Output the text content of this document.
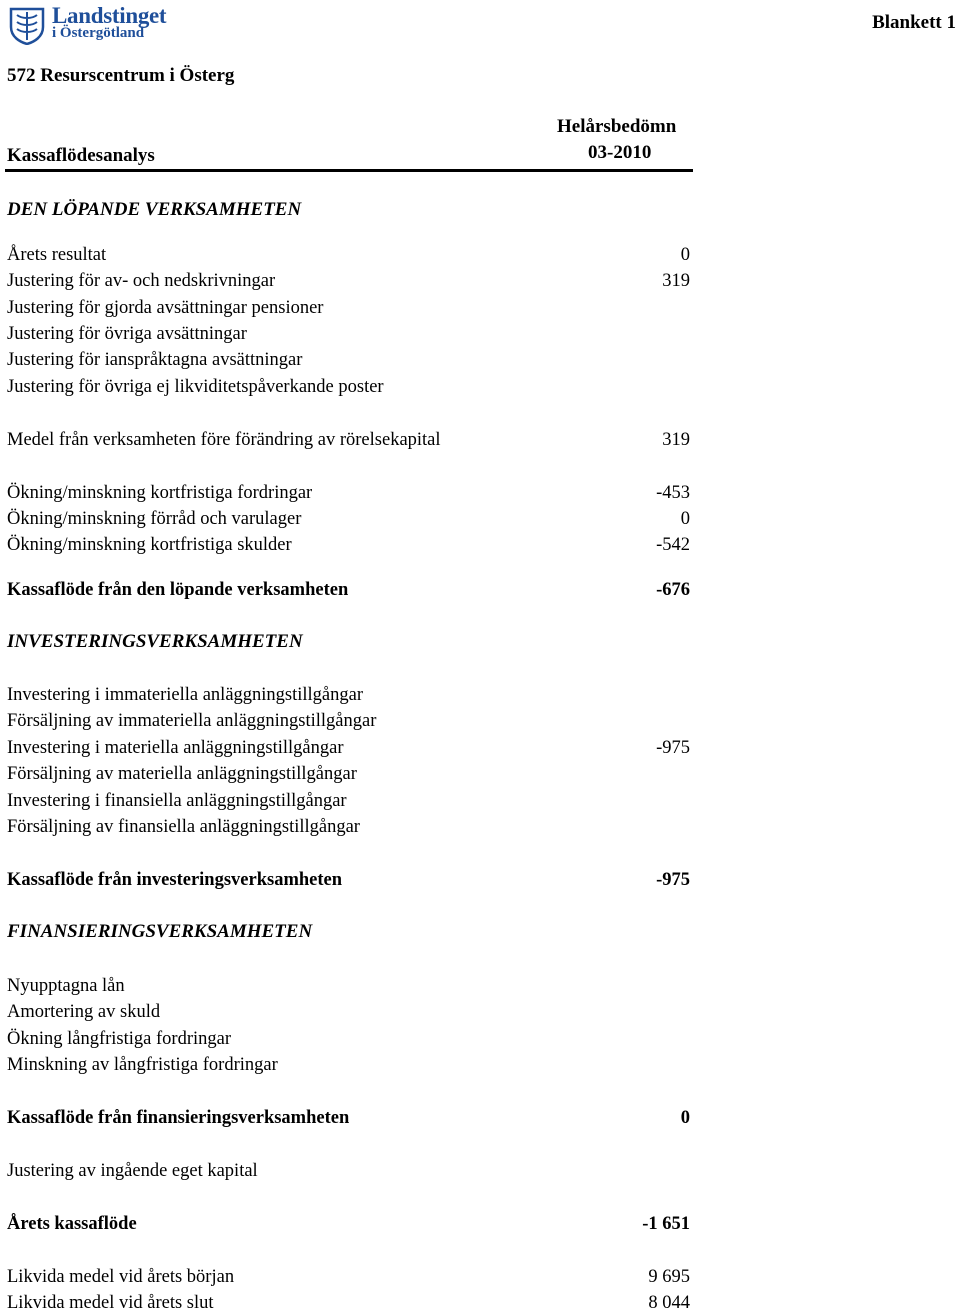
Landstinget
i Östergötland	Blankett 1
572 Resurscentrum i Österg
Helårsbedömn
03-2010
Kassaflödesanalys
DEN LÖPANDE VERKSAMHETEN
Årets resultat	0
Justering för av- och nedskrivningar	319
Justering för gjorda avsättningar pensioner
Justering för övriga avsättningar
Justering för ianspråktagna avsättningar
Justering för övriga ej likviditetspåverkande poster
Medel från verksamheten före förändring av rörelsekapital	319
Ökning/minskning kortfristiga fordringar	-453
Ökning/minskning förråd och varulager	0
Ökning/minskning kortfristiga skulder	-542
Kassaflöde från den löpande verksamheten	-676
INVESTERINGSVERKSAMHETEN
Investering i immateriella anläggningstillgångar
Försäljning av immateriella anläggningstillgångar
Investering i materiella anläggningstillgångar	-975
Försäljning av materiella anläggningstillgångar
Investering i finansiella anläggningstillgångar
Försäljning av finansiella anläggningstillgångar
Kassaflöde från investeringsverksamheten	-975
FINANSIERINGSVERKSAMHETEN
Nyupptagna lån
Amortering av skuld
Ökning långfristiga fordringar
Minskning av långfristiga fordringar
Kassaflöde från finansieringsverksamheten	0
Justering av ingående eget kapital
Årets kassaflöde	-1 651
Likvida medel vid årets början	9 695
Likvida medel vid årets slut	8 044
